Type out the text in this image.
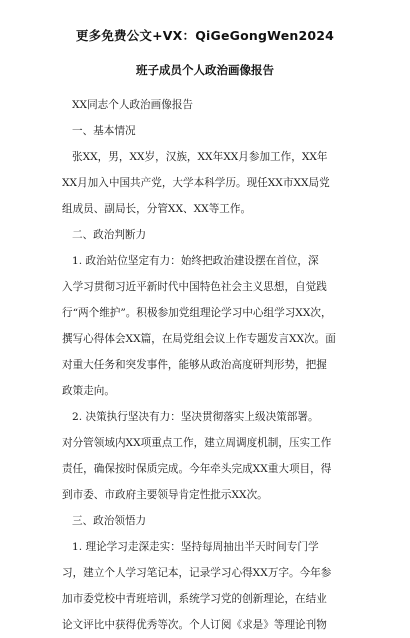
更多免费公文+VX：QiGeGongWen2024
班子成员个人政治画像报告

XX同志个人政治画像报告

一、基本情况

张XX，男，XX岁，汉族，XX年XX月参加工作，XX年
XX月加入中国共产党，大学本科学历。现任XX市XX局党
组成员、副局长，分管XX、XX等工作。

二、政治判断力

1. 政治站位坚定有力：始终把政治建设摆在首位，深
入学习贯彻习近平新时代中国特色社会主义思想，自觉践
行“两个维护”。积极参加党组理论学习中心组学习XX次，
撰写心得体会XX篇，在局党组会议上作专题发言XX次。面
对重大任务和突发事件，能够从政治高度研判形势，把握
政策走向。
2. 决策执行坚决有力：坚决贯彻落实上级决策部署。
对分管领域内XX项重点工作，建立周调度机制，压实工作
责任，确保按时保质完成。今年牵头完成XX重大项目，得
到市委、市政府主要领导肯定性批示XX次。

三、政治领悟力

1. 理论学习走深走实：坚持每周抽出半天时间专门学
习，建立个人学习笔记本，记录学习心得XX万字。今年参
加市委党校中青班培训，系统学习党的创新理论，在结业
论文评比中获得优秀等次。个人订阅《求是》等理论刊物
